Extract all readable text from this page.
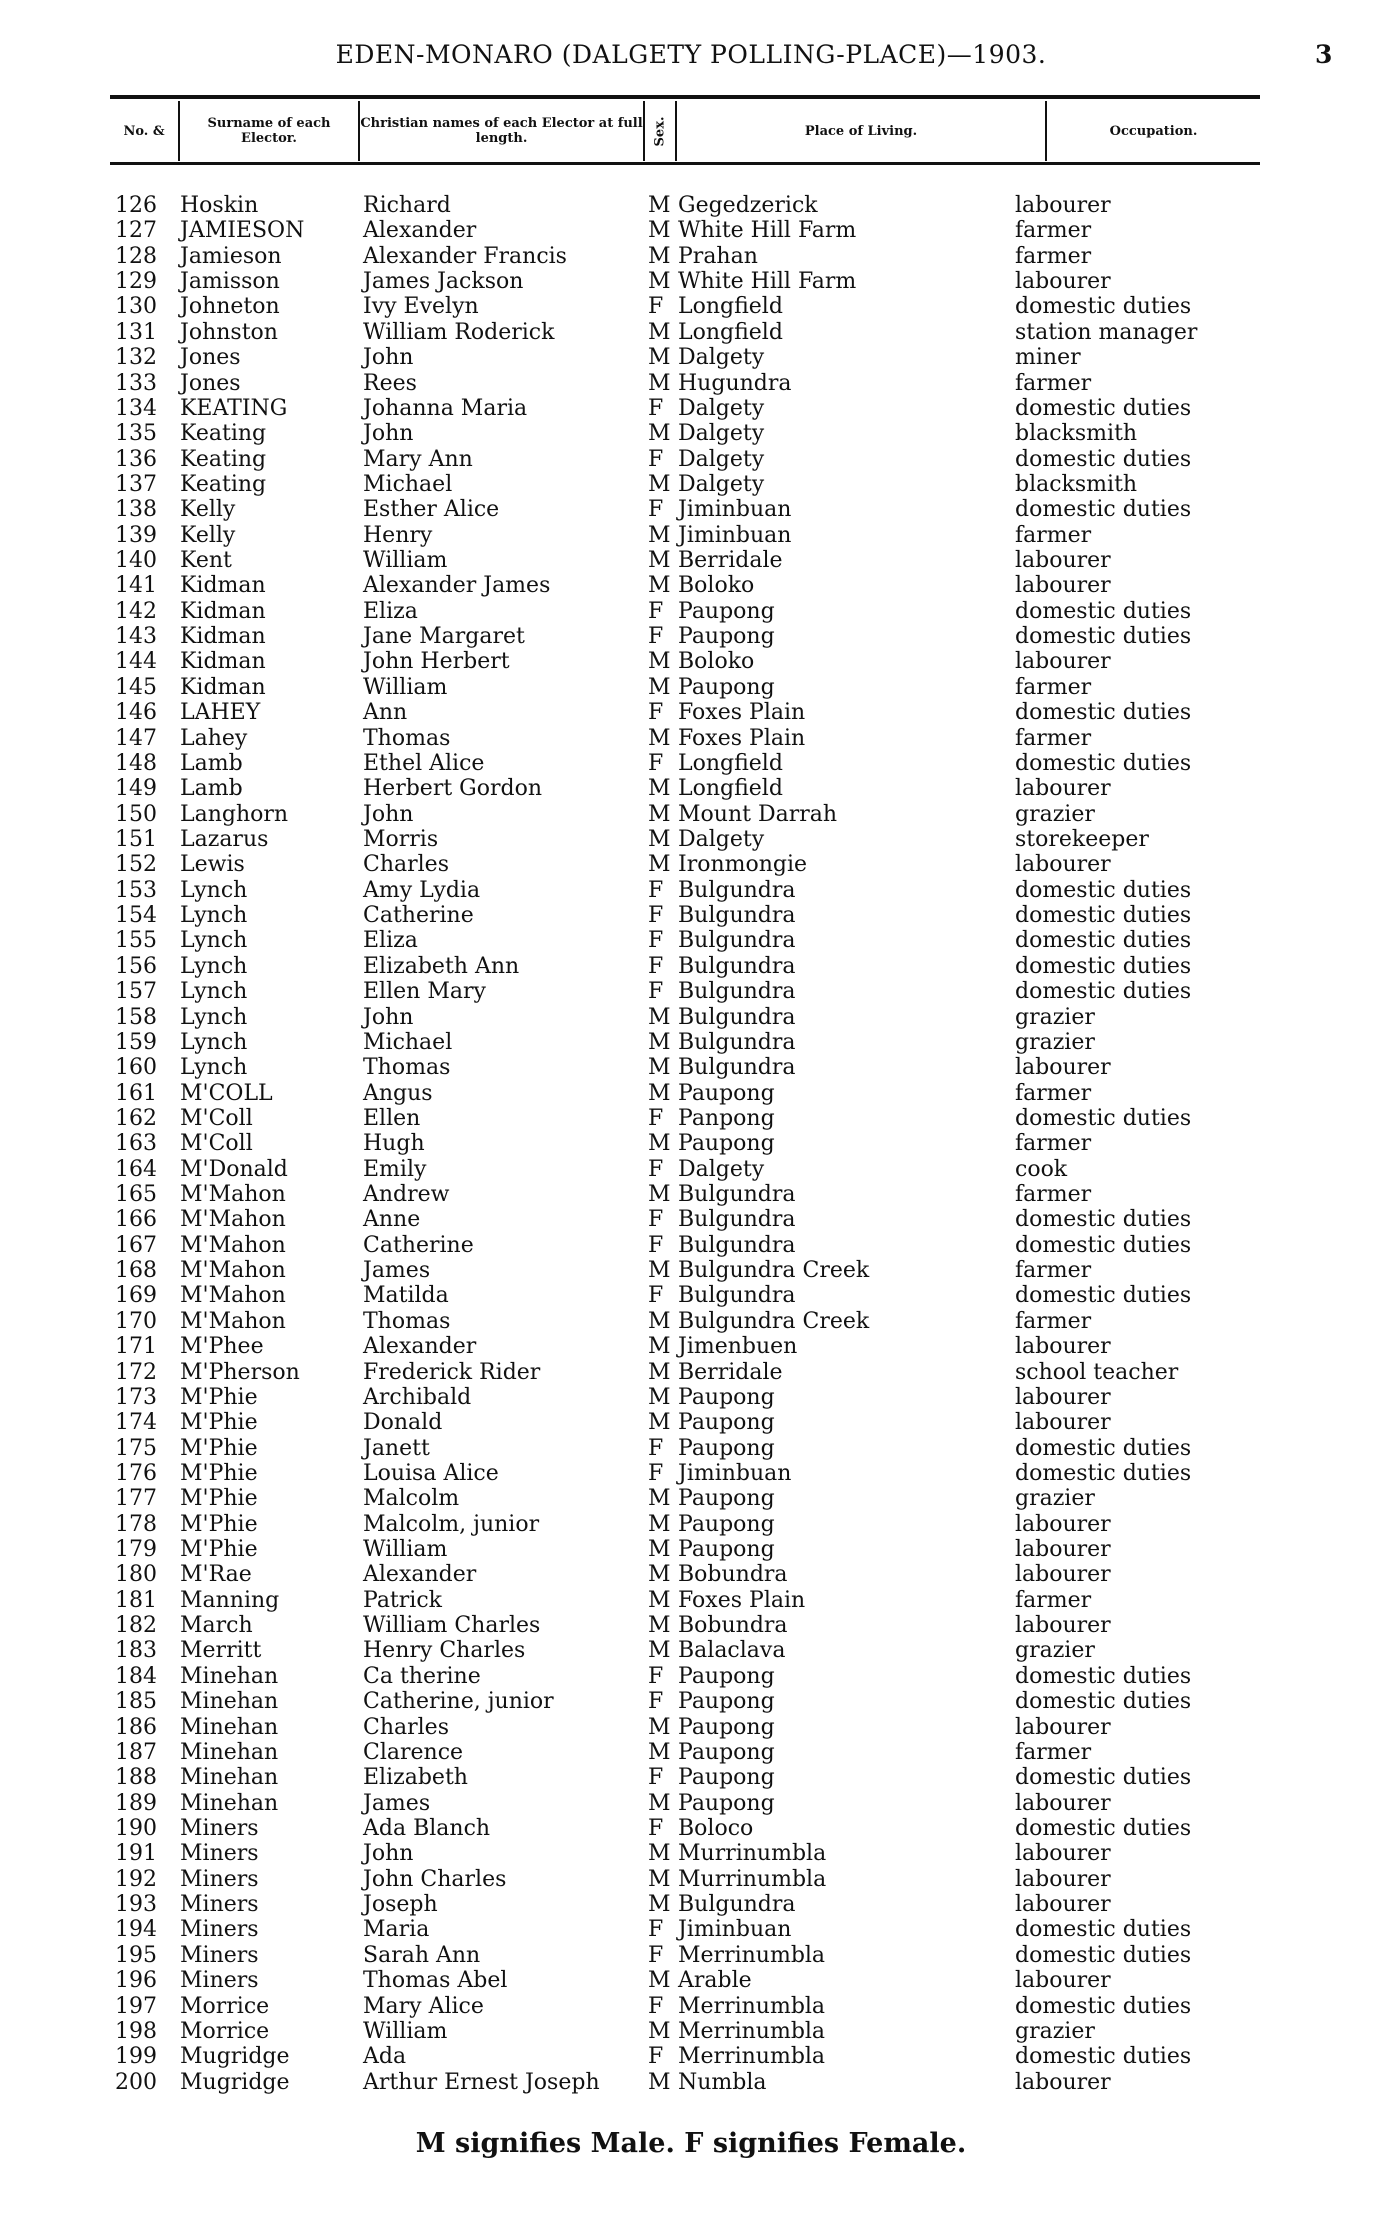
EDEN-MONARO (DALGETY POLLING-PLACE)—1903.	3
No. &	Surname of each Elector.
Christian names of each Elector at full length.	Sex.	Place of Living.	Occupation.
126	Hoskin	Richard	M Gegedzerick	labourer
127	JAMIESON	Alexander	M White Hill Farm	farmer
128	Jamieson	Alexander Francis	M Prahan	farmer
129	Jamisson	James Jackson	M White Hill Farm	labourer
130	Johneton	Ivy Evelyn	F Longfield	domestic duties
131	Johnston	William Roderick	M Longfield	station manager
132	Jones	John	M Dalgety	miner
133	Jones	Rees	M Hugundra	farmer
134	KEATING	Johanna Maria	F Dalgety	domestic duties
135	Keating	John	M Dalgety	blacksmith
136	Keating	Mary Ann	F Dalgety	domestic duties
137	Keating	Michael	M Dalgety	blacksmith
138	Kelly	Esther Alice	F Jiminbuan	domestic duties
139	Kelly	Henry	M Jiminbuan	farmer
140	Kent	William	M Berridale	labourer
141	Kidman	Alexander James	M Boloko	labourer
142	Kidman	Eliza	F Paupong	domestic duties
143	Kidman	Jane Margaret	F Paupong	domestic duties
144	Kidman	John Herbert	M Boloko	labourer
145	Kidman	William	M Paupong	farmer
146	LAHEY	Ann	F Foxes Plain	domestic duties
147	Lahey	Thomas	M Foxes Plain	farmer
148	Lamb	Ethel Alice	F Longfield	domestic duties
149	Lamb	Herbert Gordon	M Longfield	labourer
150	Langhorn	John	M Mount Darrah	grazier
151	Lazarus	Morris	M Dalgety	storekeeper
152	Lewis	Charles	M Ironmongie	labourer
153	Lynch	Amy Lydia	F Bulgundra	domestic duties
154	Lynch	Catherine	F Bulgundra	domestic duties
155	Lynch	Eliza	F Bulgundra	domestic duties
156	Lynch	Elizabeth Ann	F Bulgundra	domestic duties
157	Lynch	Ellen Mary	F Bulgundra	domestic duties
158	Lynch	John	M Bulgundra	grazier
159	Lynch	Michael	M Bulgundra	grazier
160	Lynch	Thomas	M Bulgundra	labourer
161	M'COLL	Angus	M Paupong	farmer
162	M'Coll	Ellen	F Panpong	domestic duties
163	M'Coll	Hugh	M Paupong	farmer
164	M'Donald	Emily	F Dalgety	cook
165	M'Mahon	Andrew	M Bulgundra	farmer
166	M'Mahon	Anne	F Bulgundra	domestic duties
167	M'Mahon	Catherine	F Bulgundra	domestic duties
168	M'Mahon	James	M Bulgundra Creek	farmer
169	M'Mahon	Matilda	F Bulgundra	domestic duties
170	M'Mahon	Thomas	M Bulgundra Creek	farmer
171	M'Phee	Alexander	M Jimenbuen	labourer
172	M'Pherson	Frederick Rider	M Berridale	school teacher
173	M'Phie	Archibald	M Paupong	labourer
174	M'Phie	Donald	M Paupong	labourer
175	M'Phie	Janett	F Paupong	domestic duties
176	M'Phie	Louisa Alice	F Jiminbuan	domestic duties
177	M'Phie	Malcolm	M Paupong	grazier
178	M'Phie	Malcolm, junior	M Paupong	labourer
179	M'Phie	William	M Paupong	labourer
180	M'Rae	Alexander	M Bobundra	labourer
181	Manning	Patrick	M Foxes Plain	farmer
182	March	William Charles	M Bobundra	labourer
183	Merritt	Henry Charles	M Balaclava	grazier
184	Minehan	Ca therine	F Paupong	domestic duties
185	Minehan	Catherine, junior	F Paupong	domestic duties
186	Minehan	Charles	M Paupong	labourer
187	Minehan	Clarence	M Paupong	farmer
188	Minehan	Elizabeth	F Paupong	domestic duties
189	Minehan	James	M Paupong	labourer
190	Miners	Ada Blanch	F Boloco	domestic duties
191	Miners	John	M Murrinumbla	labourer
192	Miners	John Charles	M Murrinumbla	labourer
193	Miners	Joseph	M Bulgundra	labourer
194	Miners	Maria	F Jiminbuan	domestic duties
195	Miners	Sarah Ann	F Merrinumbla	domestic duties
196	Miners	Thomas Abel	M Arable	labourer
197	Morrice	Mary Alice	F Merrinumbla	domestic duties
198	Morrice	William	M Merrinumbla	grazier
199	Mugridge	Ada	F Merrinumbla	domestic duties
200	Mugridge	Arthur Ernest Joseph M Numbla	labourer
M signifies Male. F signifies Female.
